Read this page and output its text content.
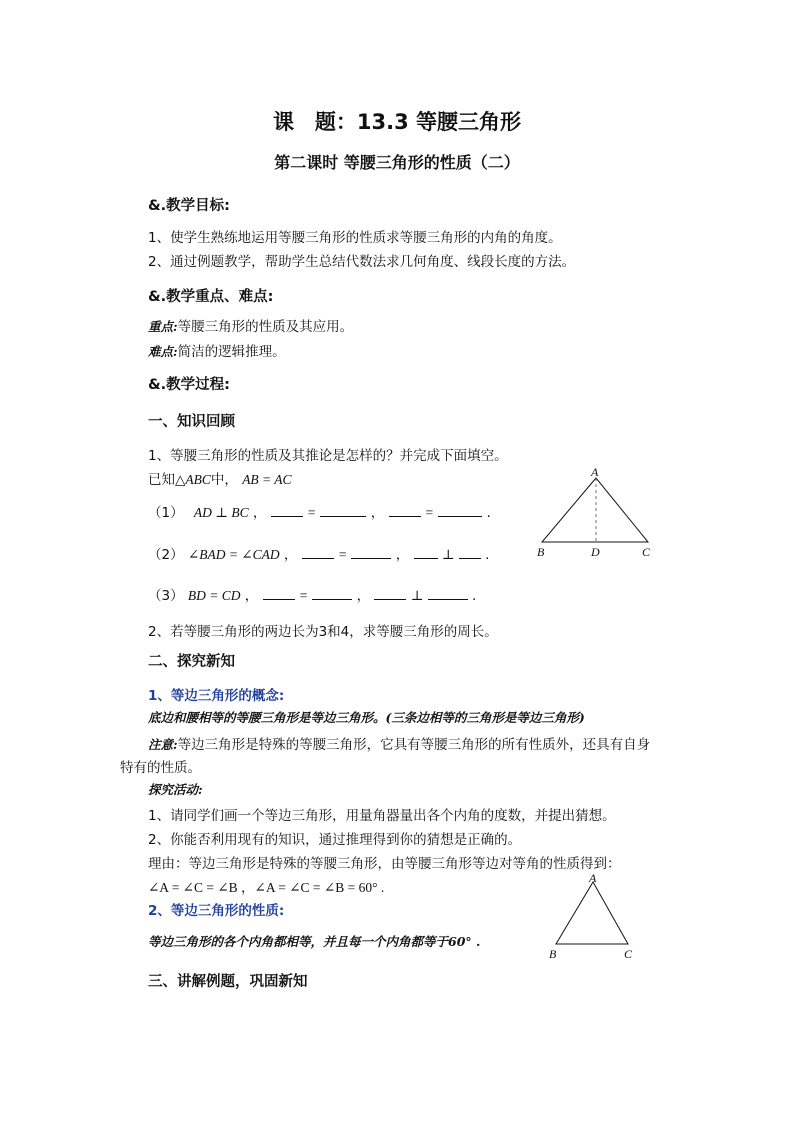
课　题：13.3 等腰三角形
第二课时 等腰三角形的性质（二）
&.教学目标:
1、使学生熟练地运用等腰三角形的性质求等腰三角形的内角的角度。
2、通过例题教学，帮助学生总结代数法求几何角度、线段长度的方法。
&.教学重点、难点:
重点:等腰三角形的性质及其应用。
难点:简洁的逻辑推理。
&.教学过程:
一、知识回顾
1、等腰三角形的性质及其推论是怎样的？并完成下面填空。
已知△ABC中， AB = AC
（1） AD ⊥ BC ，	=	，	=	.
（2） ∠BAD = ∠CAD ，	=	， ⊥ .
（3） BD = CD ，	=	，	⊥	.
A
B	D	C
2、若等腰三角形的两边长为3和4，求等腰三角形的周长。
二、探究新知
1、等边三角形的概念:
底边和腰相等的等腰三角形是等边三角形。(三条边相等的三角形是等边三角形)
注意:等边三角形是特殊的等腰三角形，它具有等腰三角形的所有性质外，还具有自身
特有的性质。
探究活动:
1、请同学们画一个等边三角形，用量角器量出各个内角的度数，并提出猜想。
2、你能否利用现有的知识，通过推理得到你的猜想是正确的。
理由：等边三角形是特殊的等腰三角形，由等腰三角形等边对等角的性质得到：
∠A = ∠C = ∠B ，∠A = ∠C = ∠B = 60° .
2、等边三角形的性质:
等边三角形的各个内角都相等，并且每一个内角都等于60° .
A
B	C
三、讲解例题，巩固新知
